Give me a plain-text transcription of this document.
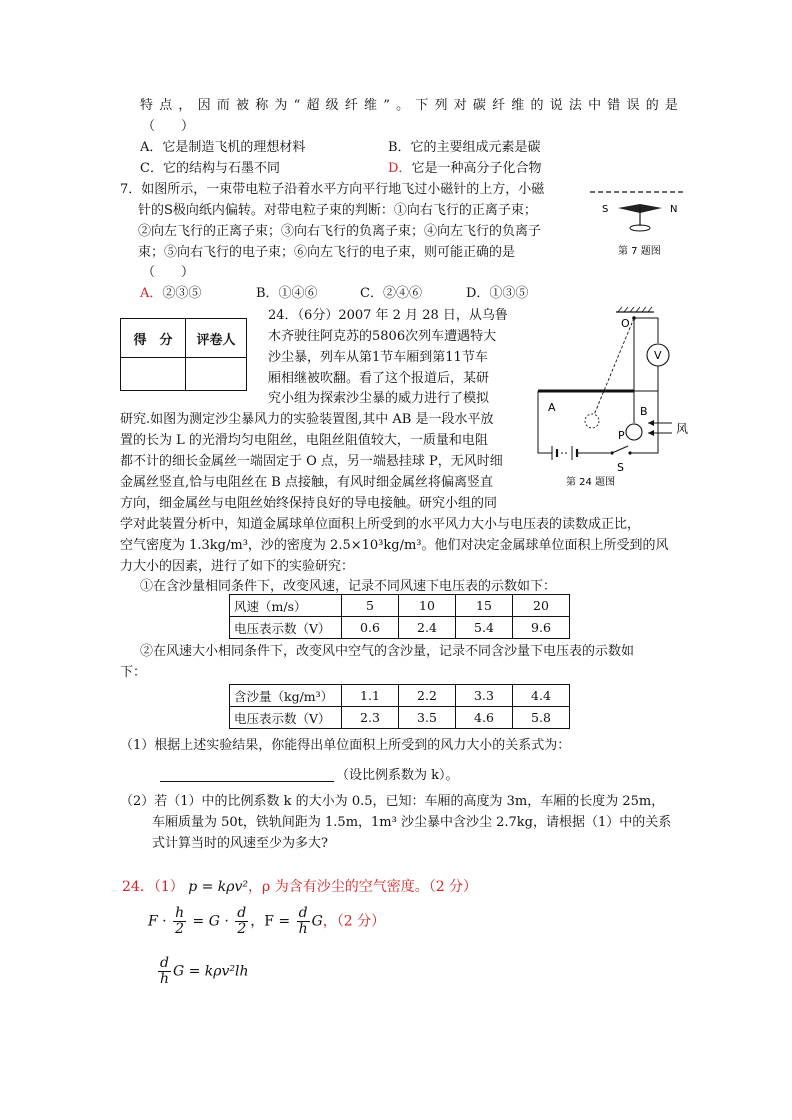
特点，因而被称为“超级纤维”。下列对碳纤维的说法中错误的是
（　　）
A．它是制造飞机的理想材料	B．它的主要组成元素是碳
C．它的结构与石墨不同	D．它是一种高分子化合物
7．如图所示，一束带电粒子沿着水平方向平行地飞过小磁针的上方，小磁
针的S极向纸内偏转。对带电粒子束的判断：①向右飞行的正离子束；
②向左飞行的正离子束；③向右飞行的负离子束；④向左飞行的负离子
束；⑤向右飞行的电子束；⑥向左飞行的电子束，则可能正确的是
（　　）
A．②③⑤	B．①④⑥	C．②④⑥	D．①③⑤
S	N
第 7 题图
得　分	评卷人

24．（6分）2007 年 2 月 28 日，从乌鲁
木齐驶往阿克苏的5806次列车遭遇特大
沙尘暴，列车从第1节车厢到第11节车
厢相继被吹翻。看了这个报道后，某研
究小组为探索沙尘暴的威力进行了模拟
研究.如图为测定沙尘暴风力的实验装置图,其中 AB 是一段水平放
置的长为 L 的光滑均匀电阻丝，电阻丝阻值较大，一质量和电阻
都不计的细长金属丝一端固定于 O 点，另一端悬挂球 P，无风时细
金属丝竖直,恰与电阻丝在 B 点接触，有风时细金属丝将偏离竖直
方向，细金属丝与电阻丝始终保持良好的导电接触。研究小组的同
学对此装置分析中，知道金属球单位面积上所受到的水平风力大小与电压表的读数成正比，
空气密度为 1.3kg/m³，沙的密度为 2.5×10³kg/m³。他们对决定金属球单位面积上所受到的风
力大小的因素，进行了如下的实验研究：
①在含沙量相同条件下，改变风速，记录不同风速下电压表的示数如下：
O
V
A	B
P	风
S
第 24 题图
风速（m/s）	5	10	15	20
电压表示数（V）	0.6	2.4	5.4	9.6
②在风速大小相同条件下，改变风中空气的含沙量，记录不同含沙量下电压表的示数如
下：
含沙量（kg/m³）	1.1	2.2	3.3	4.4
电压表示数（V）	2.3	3.5	4.6	5.8
（1）根据上述实验结果，你能得出单位面积上所受到的风力大小的关系式为：
（设比例系数为 k）。
（2）若（1）中的比例系数 k 的大小为 0.5，已知：车厢的高度为 3m，车厢的长度为 25m，
车厢质量为 50t，铁轨间距为 1.5m，1m³ 沙尘暴中含沙尘 2.7kg，请根据（1）中的关系
式计算当时的风速至少为多大?
24．（1） p = kρv²，ρ 为含有沙尘的空气密度。（2 分）
$F \cdot \frac{h}{2} = G \cdot \frac{d}{2}$ ，$F = \frac{d}{h}$ G，（2 分）
$\frac{d}{h}$ G = kρv²lh
